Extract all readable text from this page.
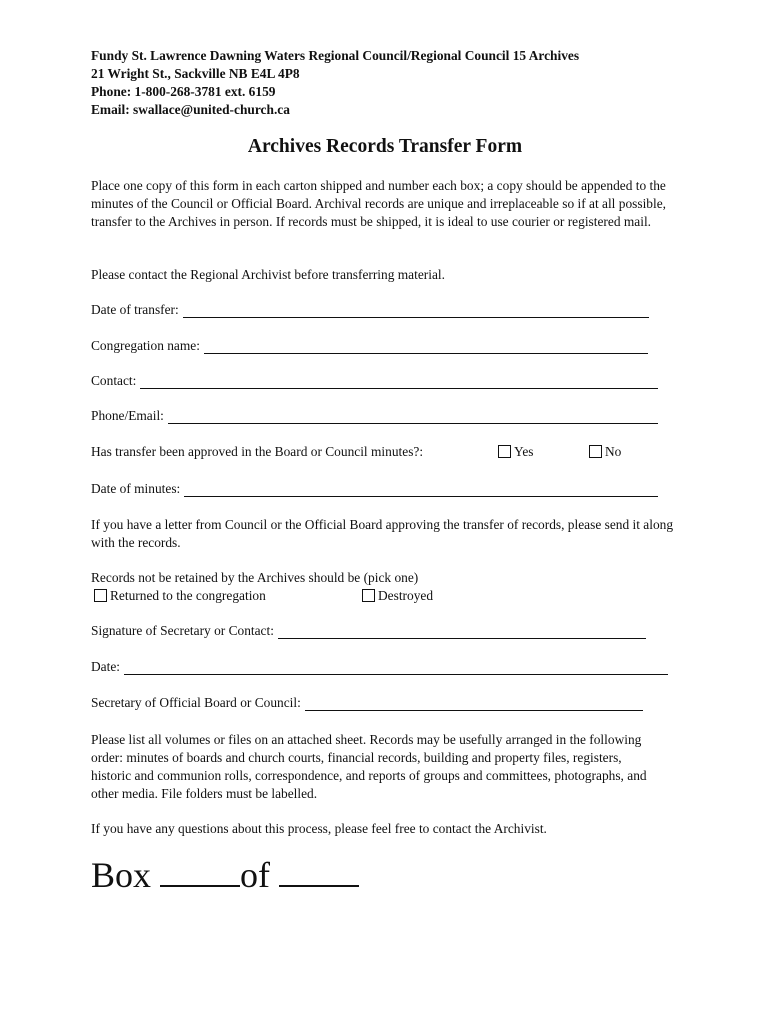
Fundy St. Lawrence Dawning Waters Regional Council/Regional Council 15 Archives
21 Wright St., Sackville NB E4L 4P8
Phone: 1-800-268-3781 ext. 6159
Email: swallace@united-church.ca
Archives Records Transfer Form
Place one copy of this form in each carton shipped and number each box; a copy should be appended to the minutes of the Council or Official Board. Archival records are unique and irreplaceable so if at all possible, transfer to the Archives in person. If records must be shipped, it is ideal to use courier or registered mail.
Please contact the Regional Archivist before transferring material.
Date of transfer:
Congregation name:
Contact:
Phone/Email:
Has transfer been approved in the Board or Council minutes?:	Yes	No
Date of minutes:
If you have a letter from Council or the Official Board approving the transfer of records, please send it along with the records.
Records not be retained by the Archives should be (pick one)
Returned to the congregation	Destroyed
Signature of Secretary or Contact:
Date:
Secretary of Official Board or Council:
Please list all volumes or files on an attached sheet. Records may be usefully arranged in the following order: minutes of boards and church courts, financial records, building and property files, registers, historic and communion rolls, correspondence, and reports of groups and committees, photographs, and other media. File folders must be labelled.
If you have any questions about this process, please feel free to contact the Archivist.
Box of
